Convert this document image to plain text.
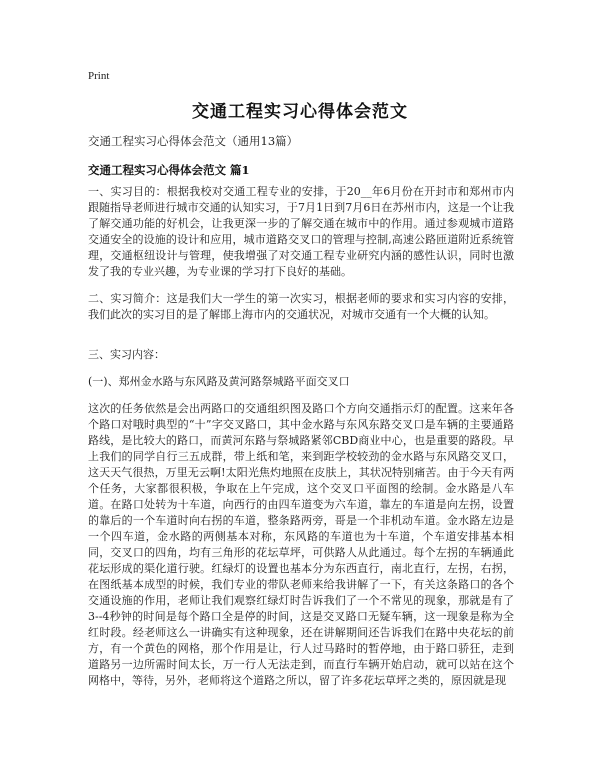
Print
交通工程实习心得体会范文
交通工程实习心得体会范文（通用13篇）
交通工程实习心得体会范文 篇1

一、实习目的：根据我校对交通工程专业的安排，于20__年6月份在开封市和郑州市内跟随指导老师进行城市交通的认知实习，于7月1日到7月6日在苏州市内，这是一个让我了解交通功能的好机会，让我更深一步的了解交通在城市中的作用。通过参观城市道路交通安全的设施的设计和应用，城市道路交叉口的管理与控制,高速公路匝道附近系统管理，交通枢纽设计与管理，使我增强了对交通工程专业研究内涵的感性认识，同时也激发了我的专业兴趣，为专业课的学习打下良好的基础。

二、实习简介：这是我们大一学生的第一次实习，根据老师的要求和实习内容的安排，我们此次的实习目的是了解邯上海市内的交通状况，对城市交通有一个大概的认知。

三、实习内容：

(一)、郑州金水路与东风路及黄河路祭城路平面交叉口

这次的任务依然是会出两路口的交通组织图及路口个方向交通指示灯的配置。这来年各个路口对哦时典型的“十”字交叉路口，其中金水路与东风东路交叉口是车辆的主要通路路线，是比较大的路口，而黄河东路与祭城路紧邻CBD商业中心，也是重要的路段。早上我们的同学自行三五成群，带上纸和笔，来到距学校较劲的金水路与东风路交叉口，这天天气很热，万里无云啊!太阳光焦灼地照在皮肤上，其状况特别痛苦。由于今天有两个任务，大家都很积极，争取在上午完成，这个交叉口平面图的绘制。金水路是八车道。在路口处转为十车道，向西行的由四车道变为六车道，靠左的车道是向左拐，设置的靠后的一个车道时向右拐的车道，整条路两旁，哥是一个非机动车道。金水路左边是一个四车道，金水路的两侧基本对称，东风路的车道也为十车道，个车道安排基本相同，交叉口的四角，均有三角形的花坛草坪，可供路人从此通过。每个左拐的车辆通此花坛形成的渠化道行驶。红绿灯的设置也基本分为东西直行，南北直行，左拐，右拐，在图纸基本成型的时候，我们专业的带队老师来给我讲解了一下，有关这条路口的各个交通设施的作用，老师让我们观察红绿灯时告诉我们了一个不常见的现象，那就是有了3--4秒钟的时间是每个路口全是停的时间，这是交叉路口无疑车辆，这一现象是称为全红时段。经老师这么一讲确实有这种现象，还在讲解期间还告诉我们在路中央花坛的前方，有一个黄色的网格，那个作用是让，行人过马路时的暂停地，由于路口骄狂，走到道路另一边所需时间太长，万一行人无法走到，而直行车辆开始启动，就可以站在这个网格中，等待，另外，老师将这个道路之所以，留了许多花坛草坪之类的，原因就是现
